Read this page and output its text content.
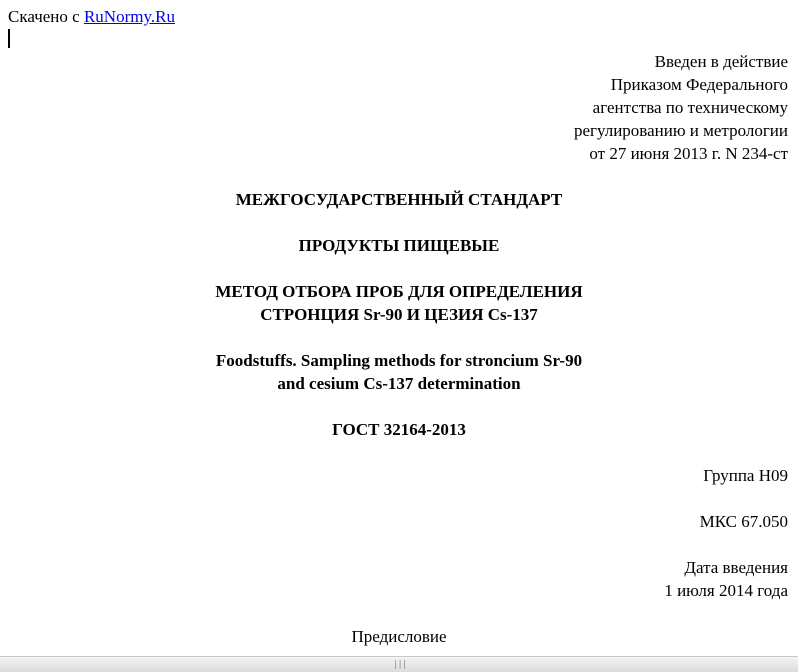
Скачено с RuNormy.Ru
Введен в действие
Приказом Федерального
агентства по техническому
регулированию и метрологии
от 27 июня 2013 г. N 234-ст
МЕЖГОСУДАРСТВЕННЫЙ СТАНДАРТ
ПРОДУКТЫ ПИЩЕВЫЕ
МЕТОД ОТБОРА ПРОБ ДЛЯ ОПРЕДЕЛЕНИЯ
СТРОНЦИЯ Sr-90 И ЦЕЗИЯ Cs-137
Foodstuffs. Sampling methods for stroncium Sr-90
and cesium Cs-137 determination
ГОСТ 32164-2013
Группа Н09
МКС 67.050
Дата введения
1 июля 2014 года
Предисловие
|||
